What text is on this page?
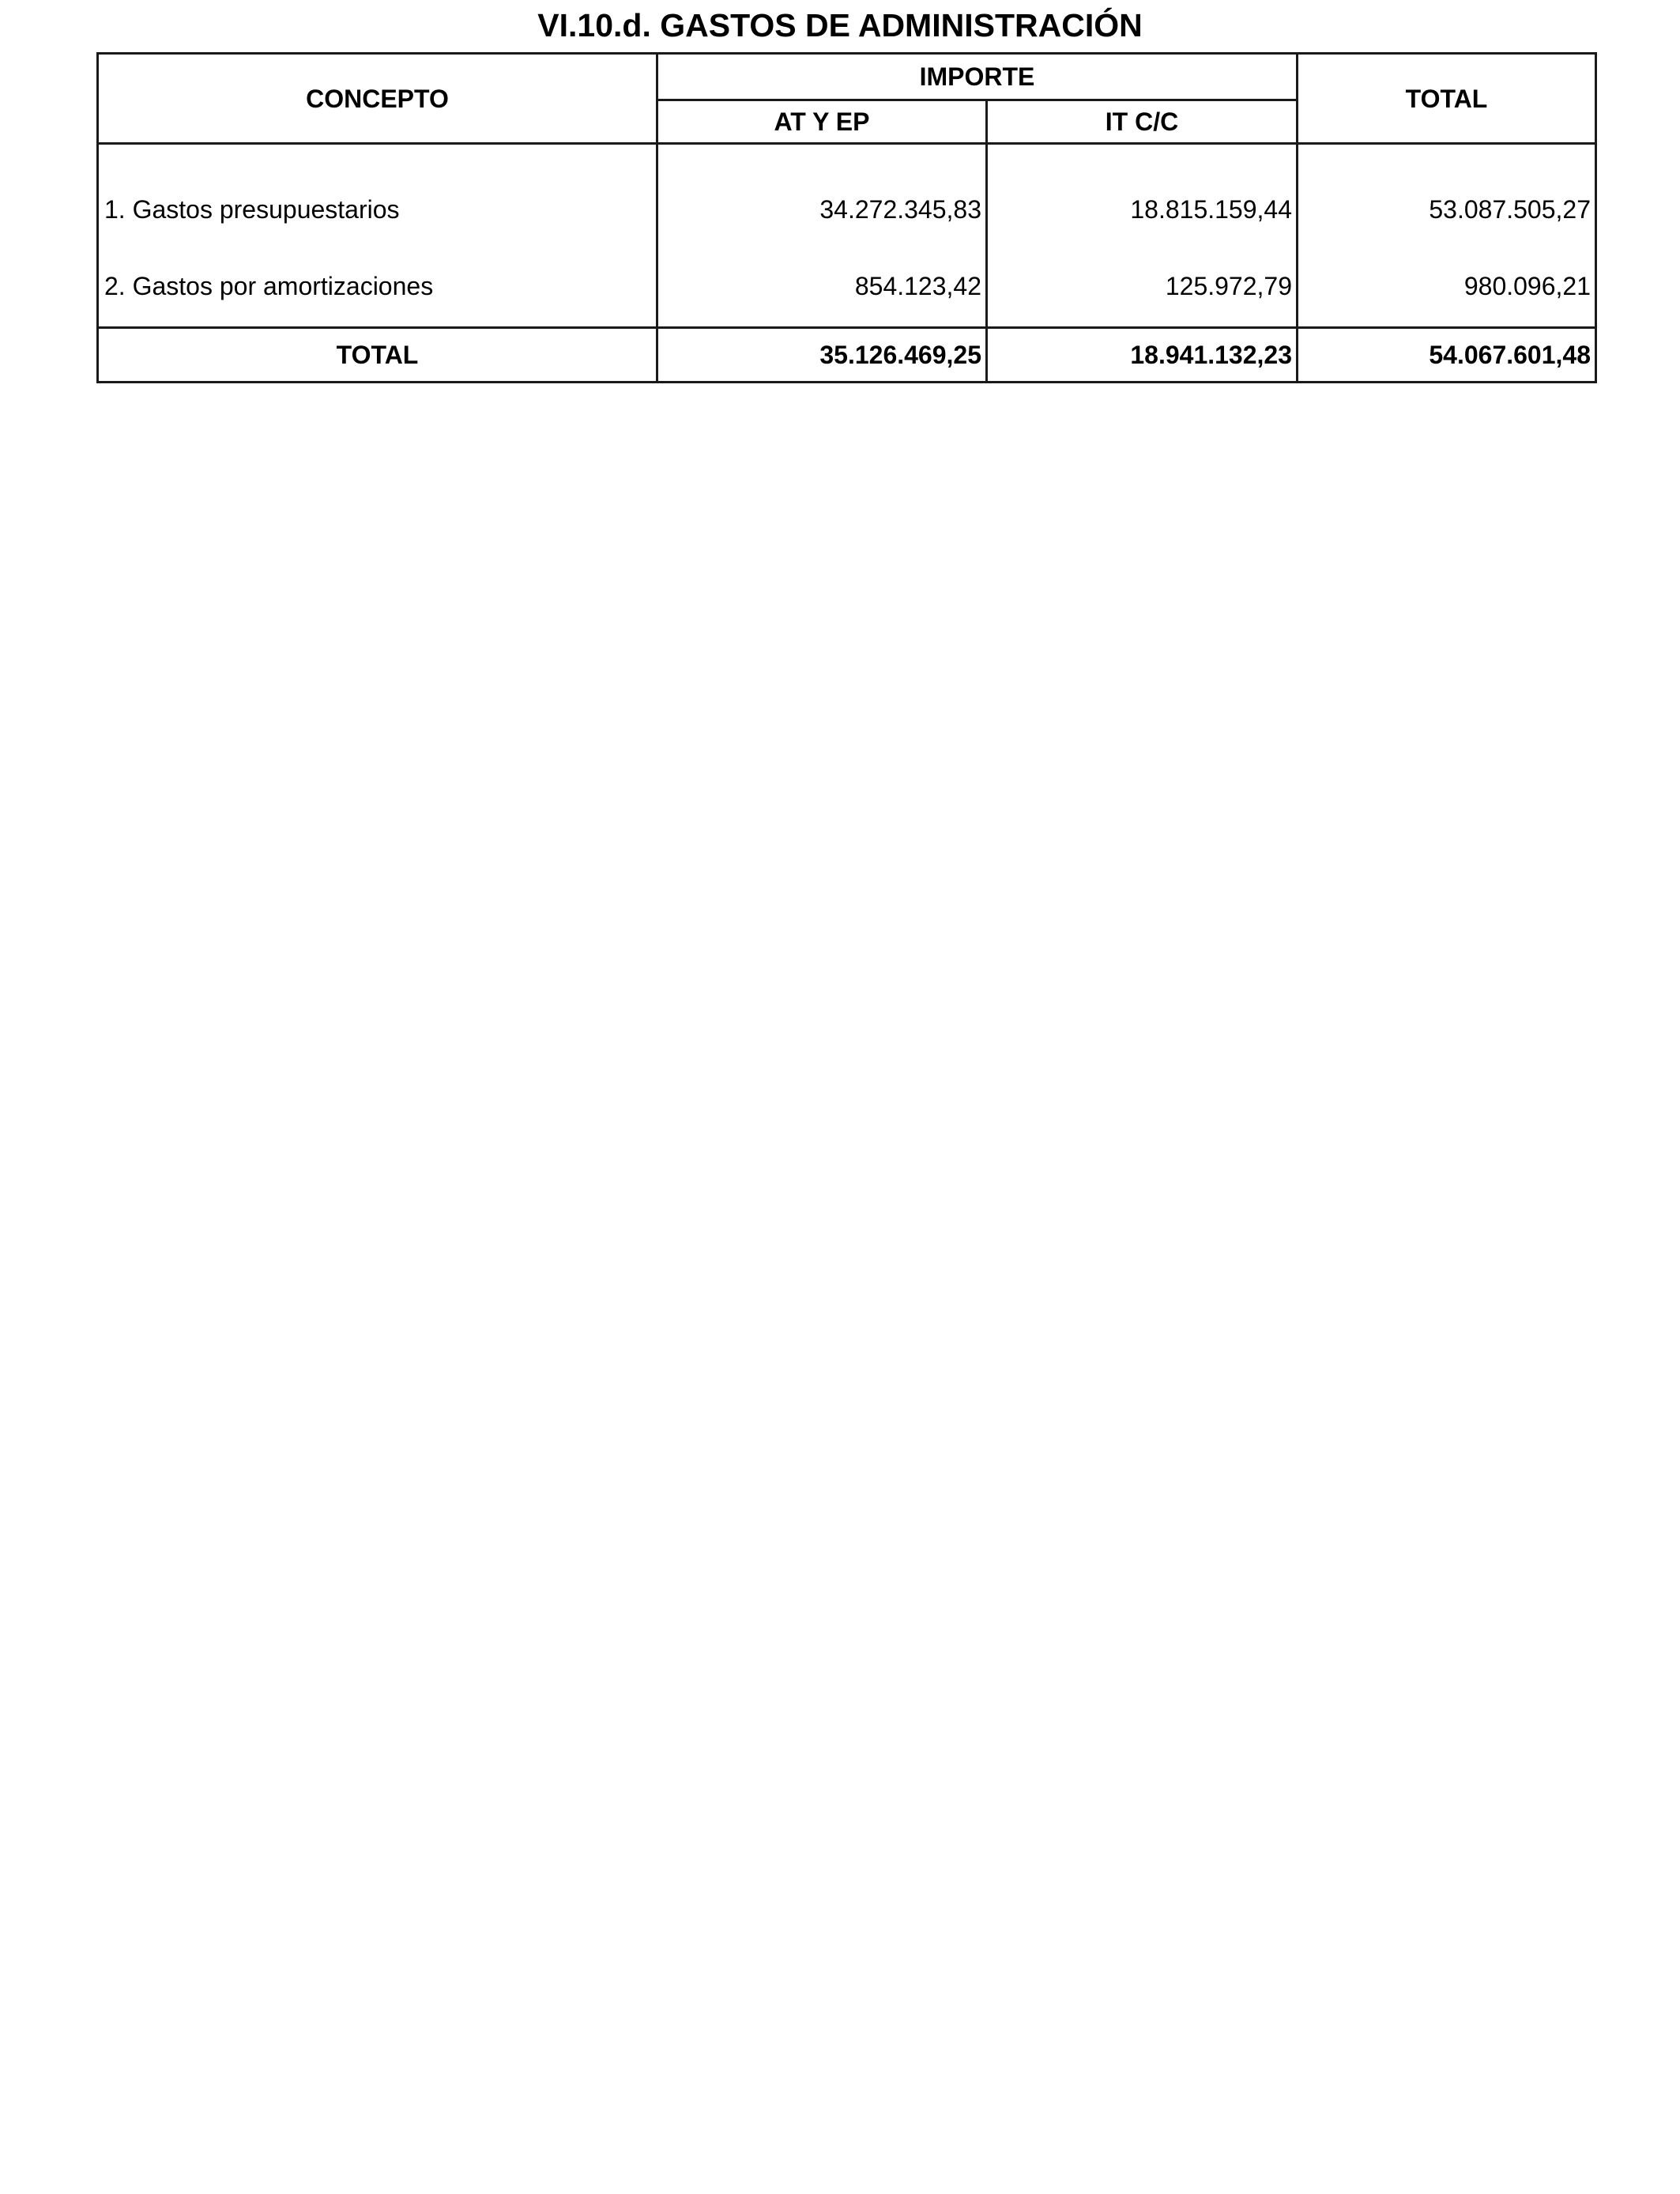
VI.10.d. GASTOS DE ADMINISTRACIÓN
CONCEPTO	IMPORTE		TOTAL
	AT Y EP	IT C/C	
1. Gastos presupuestarios	34.272.345,83	18.815.159,44	53.087.505,27
2. Gastos por amortizaciones	854.123,42	125.972,79	980.096,21
TOTAL	35.126.469,25	18.941.132,23	54.067.601,48
